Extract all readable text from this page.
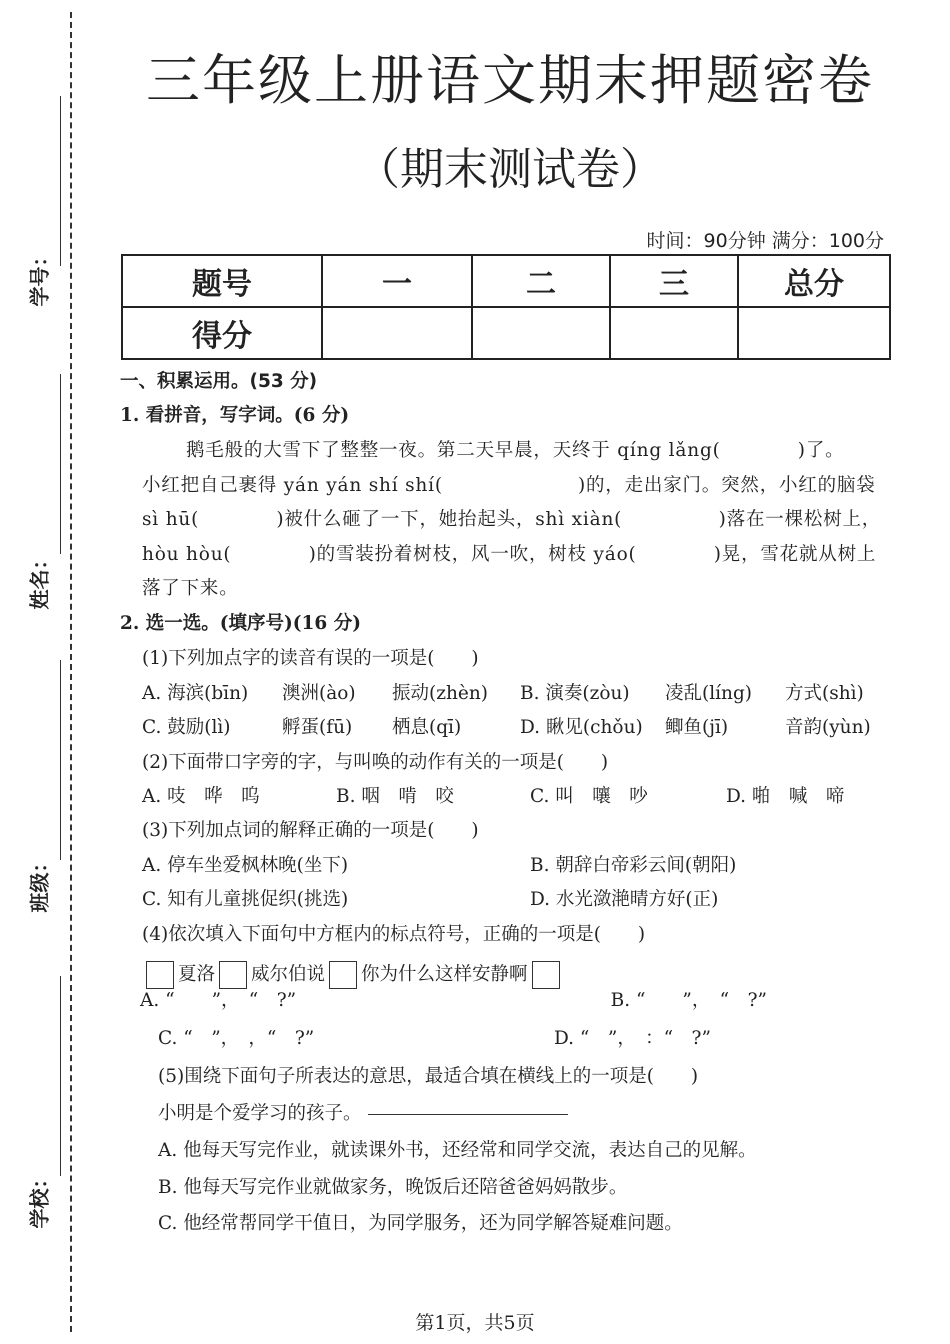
学号：
姓名：
班级：
学校：
三年级上册语文期末押题密卷
（期末测试卷）
时间：90分钟 满分：100分
题号	一	二	三	总分
得分				
一、积累运用。(53 分)
1. 看拼音，写字词。(6 分)
鹅毛般的大雪下了整整一夜。第二天早晨，天终于 qíng lǎng(　　　　)了。
小红把自己裹得 yán yán shí shí(　　　　　　　)的，走出家门。突然，小红的脑袋
sì hū(　　　　)被什么砸了一下，她抬起头，shì xiàn(　　　　　)落在一棵松树上，
hòu hòu(　　　　)的雪装扮着树枝，风一吹，树枝 yáo(　　　　)晃，雪花就从树上
落了下来。
2. 选一选。(填序号)(16 分)
(1)下列加点字的读音有误的一项是(　　)
A. 海滨(bīn) 澳洲(ào) 振动(zhèn) B. 演奏(zòu) 凌乱(líng) 方式(shì)
C. 鼓励(lì)	孵蛋(fū) 栖息(qī)	D. 瞅见(chǒu) 鲫鱼(jī)	音韵(yùn)
(2)下面带口字旁的字，与叫唤的动作有关的一项是(　　)
A. 吱　哗　呜	B. 咽　啃　咬	C. 叫　嚷　吵	D. 啪　喊　啼
(3)下列加点词的解释正确的一项是(　　)
A. 停车坐爱枫林晚(坐下)	B. 朝辞白帝彩云间(朝阳)
C. 知有儿童挑促织(挑选)	D. 水光潋滟晴方好(正)
(4)依次填入下面句中方框内的标点符号，正确的一项是(　　)
夏洛 威尔伯说 你为什么这样安静啊
A. “　　”，　“　?”　　　　　　　　　　　　　　　　　B. “　　”，　“　?”
C. “　”，　，“　?”	D. “　”，　：“　?”
(5)围绕下面句子所表达的意思，最适合填在横线上的一项是(　　)
小明是个爱学习的孩子。
A. 他每天写完作业，就读课外书，还经常和同学交流，表达自己的见解。
B. 他每天写完作业就做家务，晚饭后还陪爸爸妈妈散步。
C. 他经常帮同学干值日，为同学服务，还为同学解答疑难问题。
第1页，共5页
